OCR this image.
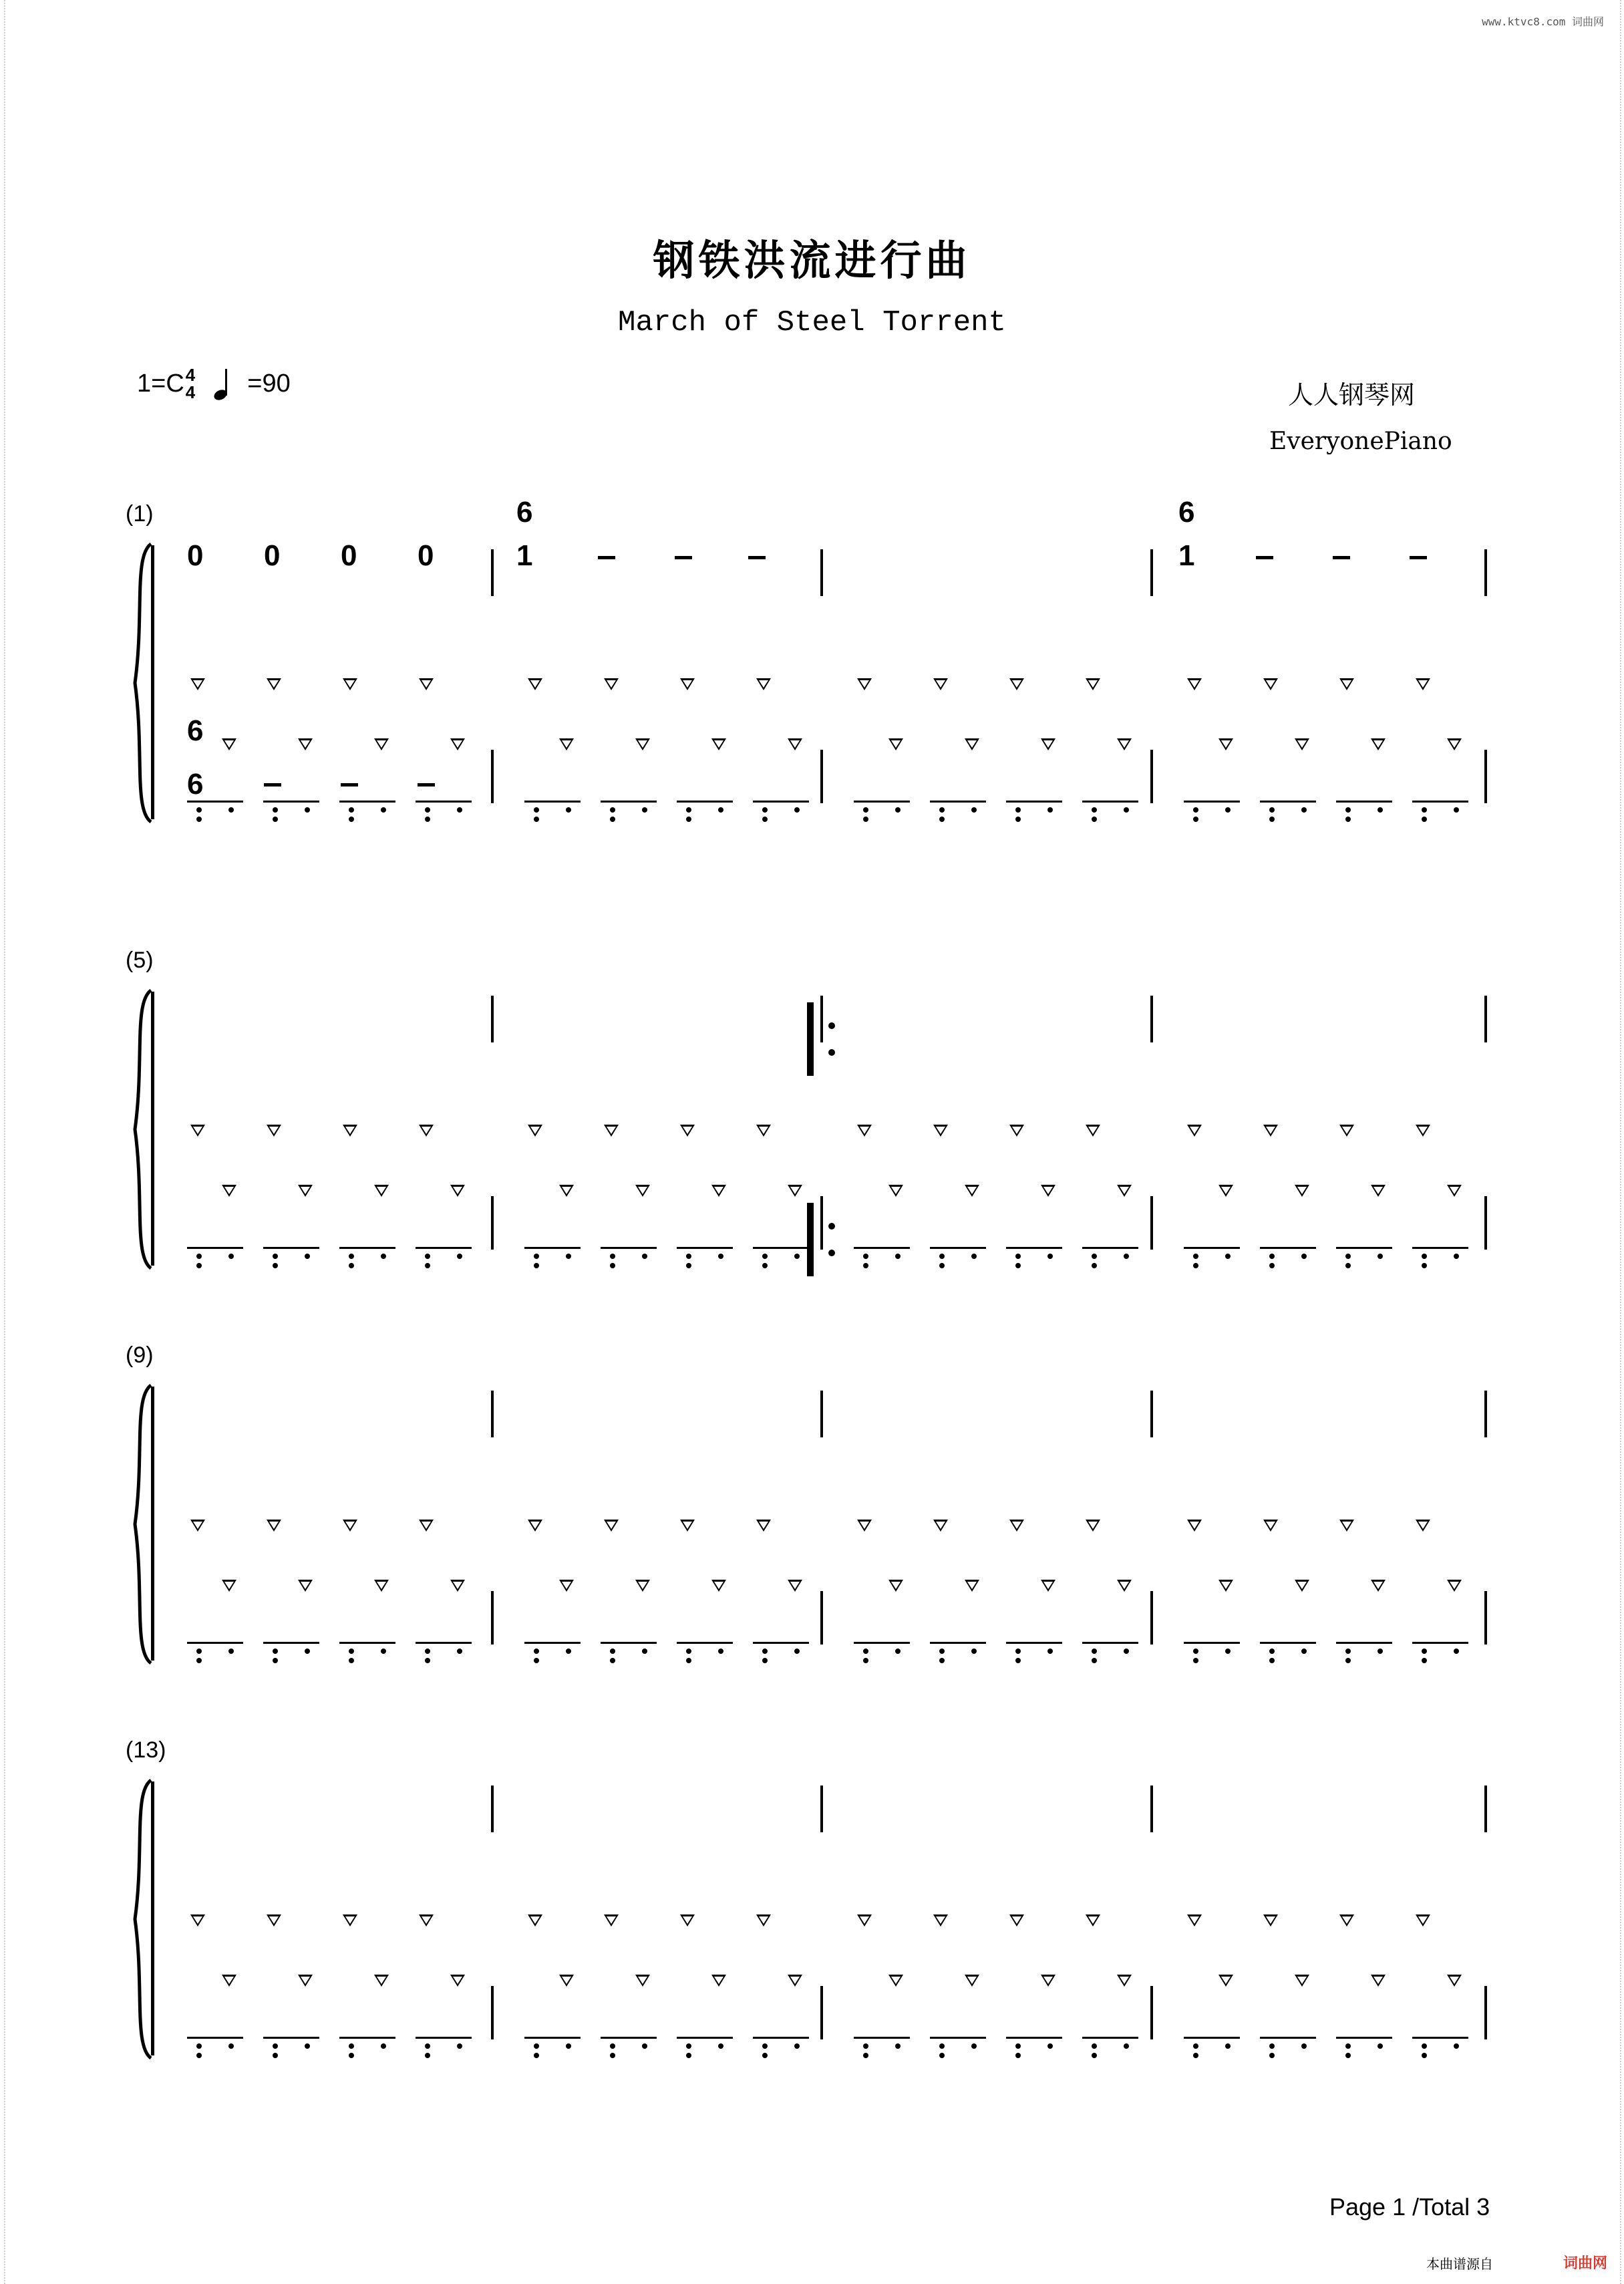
www.ktvc8.com 词曲网
钢铁洪流进行曲
March of Steel Torrent
1=C 4
4 =90	人人钢琴网
EveryonePiano
(1)
(5)
(9)
(13)
0 0 0 0
6
1
6
1
6
6
Page 1 /Total 3
本曲谱源自	词曲网
